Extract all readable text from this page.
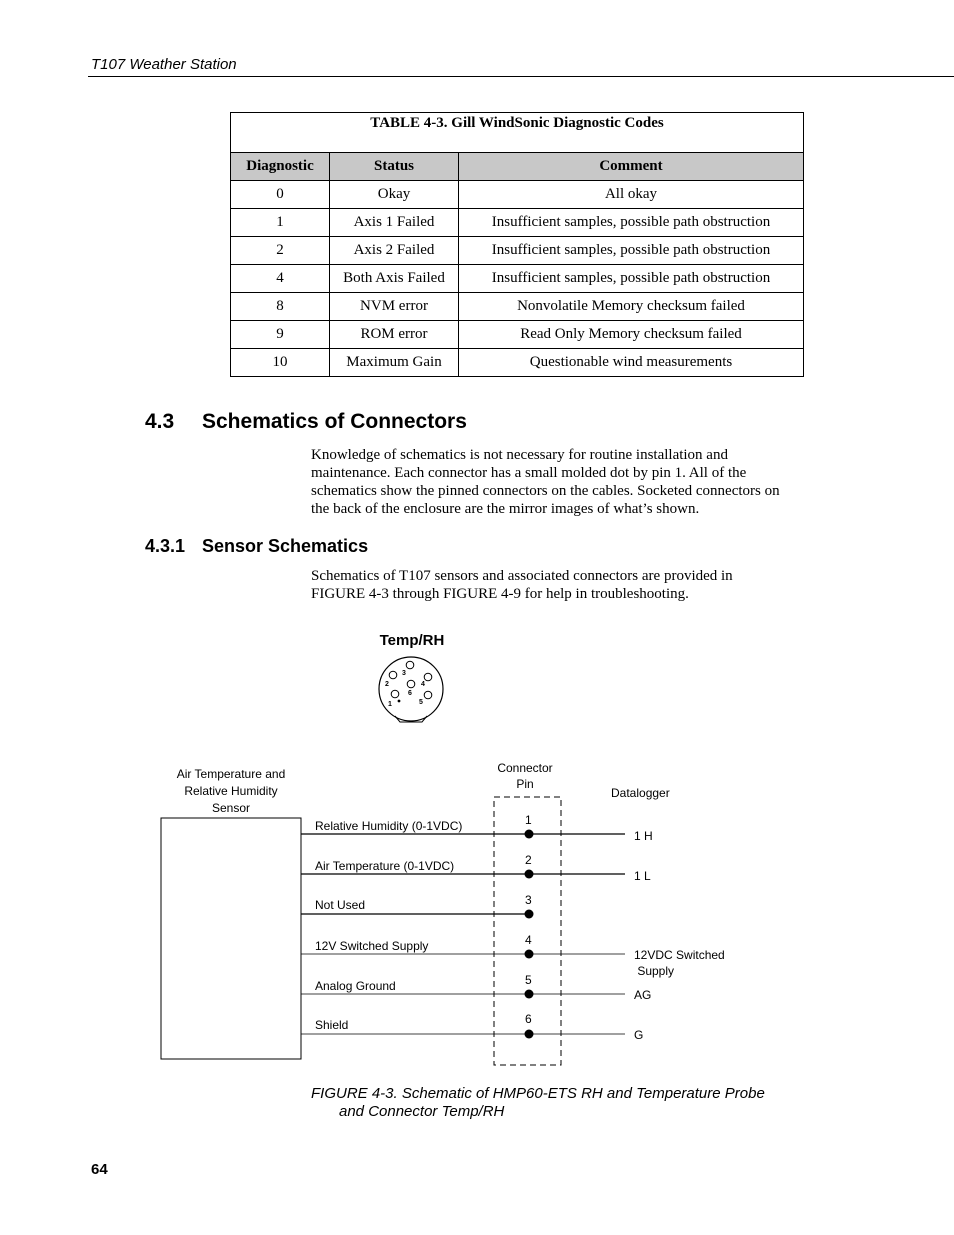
T107 Weather Station
TABLE 4-3. Gill WindSonic Diagnostic Codes		
Diagnostic	Status	Comment
0	Okay	All okay
1	Axis 1 Failed	Insufficient samples, possible path obstruction
2	Axis 2 Failed	Insufficient samples, possible path obstruction
4	Both Axis Failed	Insufficient samples, possible path obstruction
8	NVM error	Nonvolatile Memory checksum failed
9	ROM error	Read Only Memory checksum failed
10	Maximum Gain	Questionable wind measurements
4.3 Schematics of Connectors
Knowledge of schematics is not necessary for routine installation and
maintenance. Each connector has a small molded dot by pin 1. All of the
schematics show the pinned connectors on the cables. Socketed connectors on
the back of the enclosure are the mirror images of what’s shown.
4.3.1 Sensor Schematics
Schematics of T107 sensors and associated connectors are provided in
FIGURE 4-3 through FIGURE 4-9 for help in troubleshooting.
Temp/RH
1
2
3
4
5
6
Air Temperature and
Relative Humidity
Sensor
Connector
Pin
Datalogger
Relative Humidity (0-1VDC)	1
1 H
Air Temperature (0-1VDC)	2
1 L
Not Used	3
12V Switched Supply	4
12VDC Switched
Supply
Analog Ground	5
AG
Shield	6
G
FIGURE 4-3. Schematic of HMP60-ETS RH and Temperature Probe
and Connector Temp/RH
64
